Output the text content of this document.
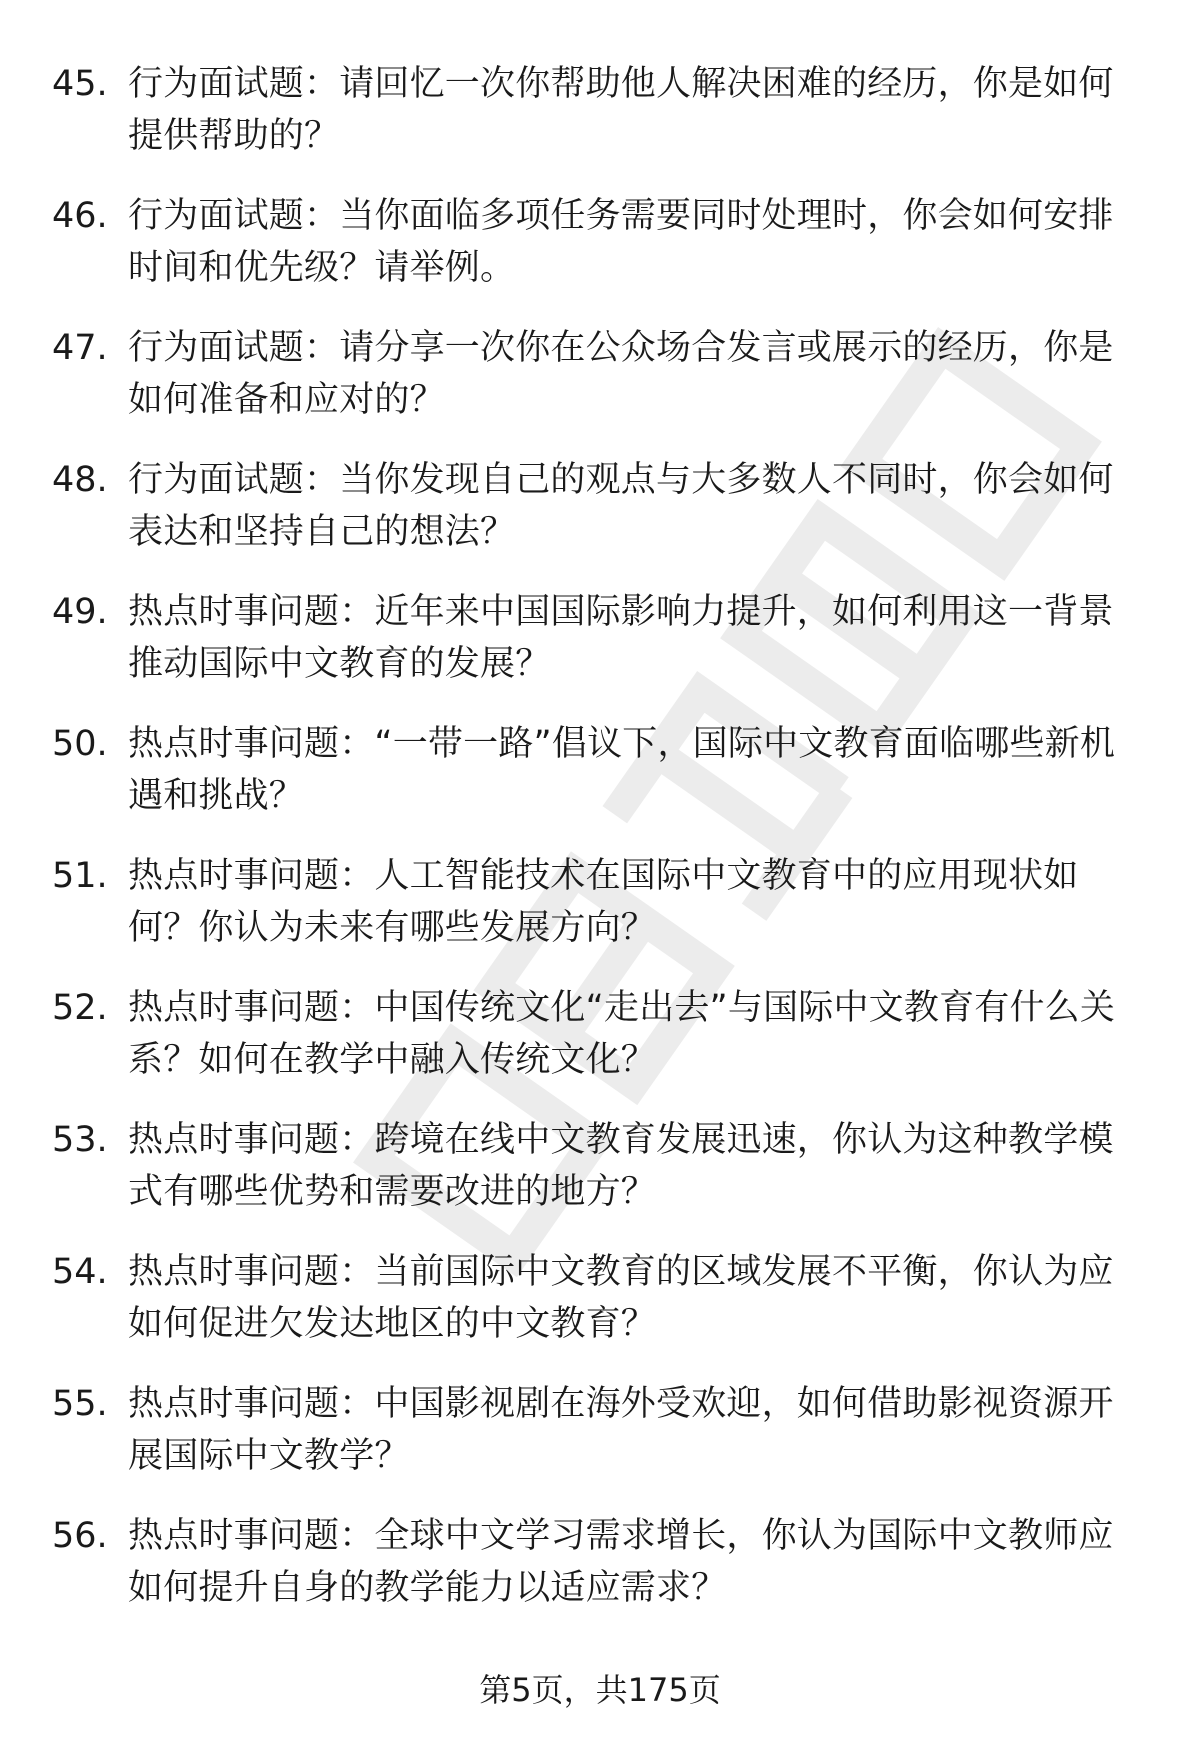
45. 行为面试题：请回忆一次你帮助他人解决困难的经历，你是如何提供帮助的？
46. 行为面试题：当你面临多项任务需要同时处理时，你会如何安排时间和优先级？请举例。
47. 行为面试题：请分享一次你在公众场合发言或展示的经历，你是如何准备和应对的？
48. 行为面试题：当你发现自己的观点与大多数人不同时，你会如何表达和坚持自己的想法？
49. 热点时事问题：近年来中国国际影响力提升，如何利用这一背景推动国际中文教育的发展？
50. 热点时事问题：“一带一路”倡议下，国际中文教育面临哪些新机遇和挑战？
51. 热点时事问题：人工智能技术在国际中文教育中的应用现状如何？你认为未来有哪些发展方向？
52. 热点时事问题：中国传统文化“走出去”与国际中文教育有什么关系？如何在教学中融入传统文化？
53. 热点时事问题：跨境在线中文教育发展迅速，你认为这种教学模式有哪些优势和需要改进的地方？
54. 热点时事问题：当前国际中文教育的区域发展不平衡，你认为应如何促进欠发达地区的中文教育？
55. 热点时事问题：中国影视剧在海外受欢迎，如何借助影视资源开展国际中文教学？
56. 热点时事问题：全球中文学习需求增长，你认为国际中文教师应如何提升自身的教学能力以适应需求？
第5页，共175页
